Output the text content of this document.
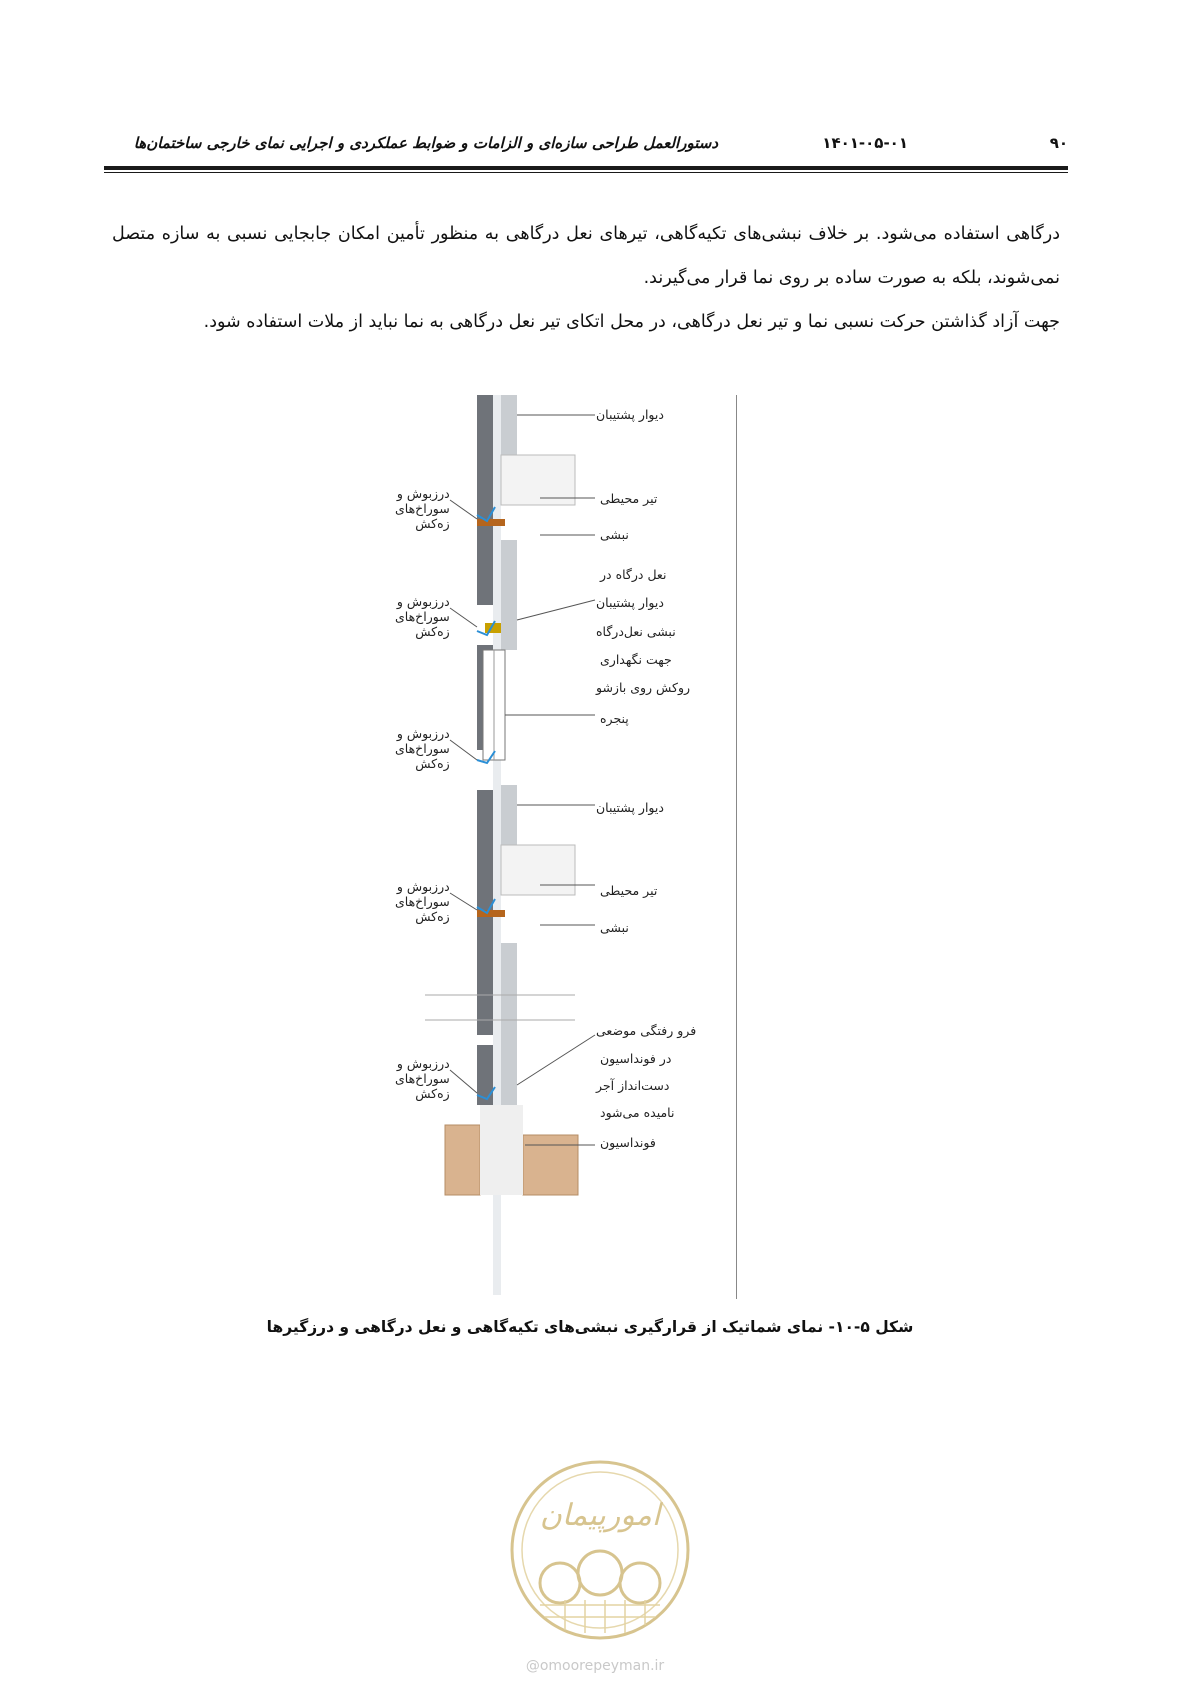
۹۰
۱۴۰۱-۰۵-۰۱
دستورالعمل طراحی سازه‌ای و الزامات و ضوابط عملکردی و اجرایی نمای خارجی ساختمان‌ها

درگاهی استفاده می‌شود. بر خلاف نبشی‌های تکیه‌گاهی، تیرهای نعل درگاهی به منظور تأمین امکان جابجایی نسبی به سازه متصل نمی‌شوند، بلکه به صورت ساده بر روی نما قرار می‌گیرند.

جهت آزاد گذاشتن حرکت نسبی نما و تیر نعل درگاهی، در محل اتکای تیر نعل درگاهی به نما نباید از ملات استفاده شود.

درزبوش و
سوراخ‌های
زه‌کش
درزبوش و
سوراخ‌های
زه‌کش
درزبوش و
سوراخ‌های
زه‌کش
درزبوش و
سوراخ‌های
زه‌کش
درزبوش و
سوراخ‌های
زه‌کش
دیوار پشتیبان
تیر محیطی
نبشی
نعل درگاه در
دیوار پشتیبان
نبشی نعل‌درگاه
جهت نگهداری
روکش روی بازشو
پنجره
دیوار پشتیبان
تیر محیطی
نبشی
فرو رفتگی موضعی
در فونداسیون
دست‌انداز آجر
نامیده می‌شود
فونداسیون
شکل ۵-۱۰- نمای شماتیک از قرارگیری نبشی‌های تکیه‌گاهی و نعل درگاهی و درزگیرها
امورپیمان
@omoorepeyman.ir
